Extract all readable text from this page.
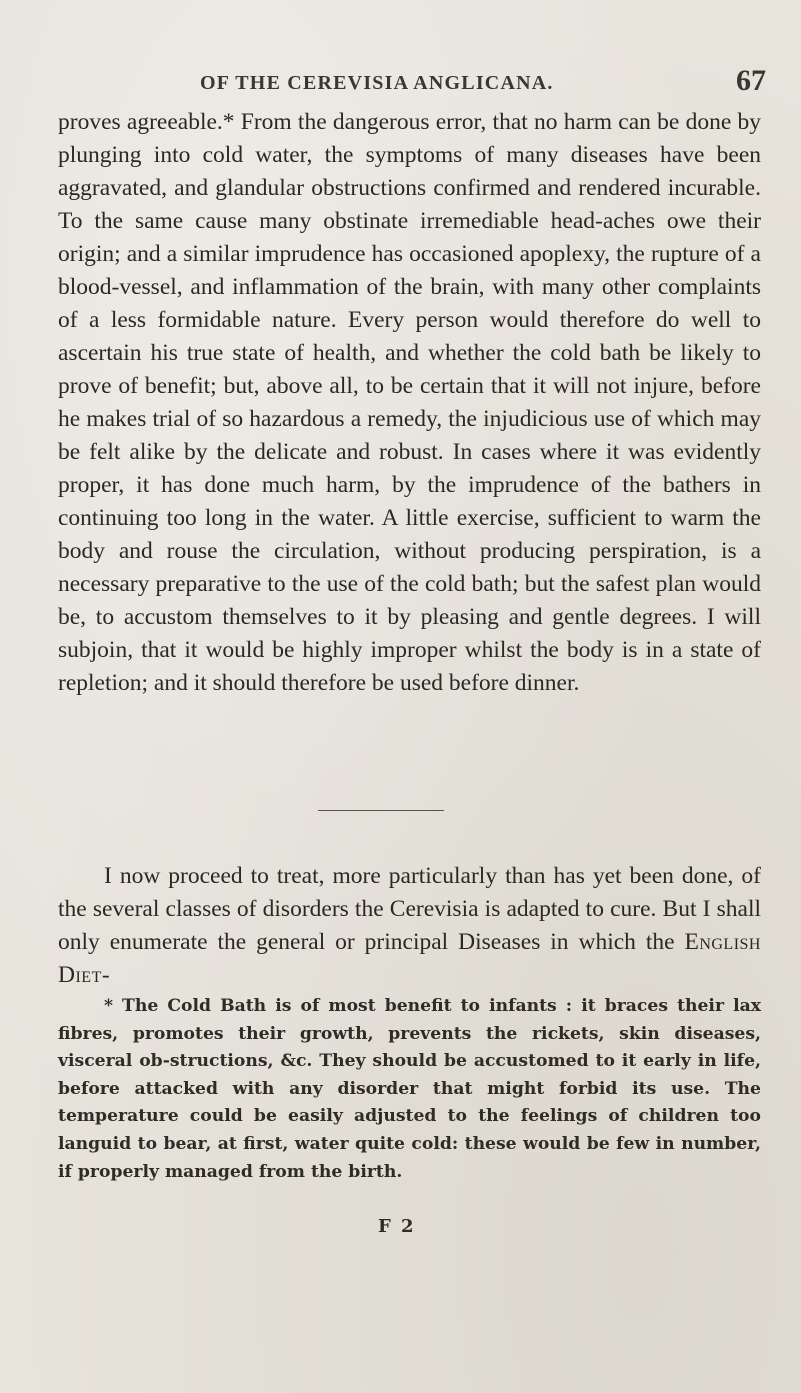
OF THE CEREVISIA ANGLICANA.	67

proves agreeable.* From the dangerous error, that no harm can be done by plunging into cold water, the symptoms of many diseases have been aggravated, and glandular obstructions confirmed and rendered incurable. To the same cause many obstinate irremediable head-aches owe their origin; and a similar imprudence has occasioned apoplexy, the rupture of a blood-vessel, and inflammation of the brain, with many other complaints of a less formidable nature. Every person would therefore do well to ascertain his true state of health, and whether the cold bath be likely to prove of benefit; but, above all, to be certain that it will not injure, before he makes trial of so hazardous a remedy, the injudicious use of which may be felt alike by the delicate and robust. In cases where it was evidently proper, it has done much harm, by the imprudence of the bathers in continuing too long in the water. A little exercise, sufficient to warm the body and rouse the circulation, without producing perspiration, is a necessary preparative to the use of the cold bath; but the safest plan would be, to accustom themselves to it by pleasing and gentle degrees. I will subjoin, that it would be highly improper whilst the body is in a state of repletion; and it should therefore be used before dinner.

I now proceed to treat, more particularly than has yet been done, of the several classes of disorders the Cerevisia is adapted to cure. But I shall only enumerate the general or principal Diseases in which the English Diet-

* The Cold Bath is of most benefit to infants : it braces their lax fibres, promotes their growth, prevents the rickets, skin diseases, visceral ob-structions, &c. They should be accustomed to it early in life, before attacked with any disorder that might forbid its use. The temperature could be easily adjusted to the feelings of children too languid to bear, at first, water quite cold: these would be few in number, if properly managed from the birth.

F 2
